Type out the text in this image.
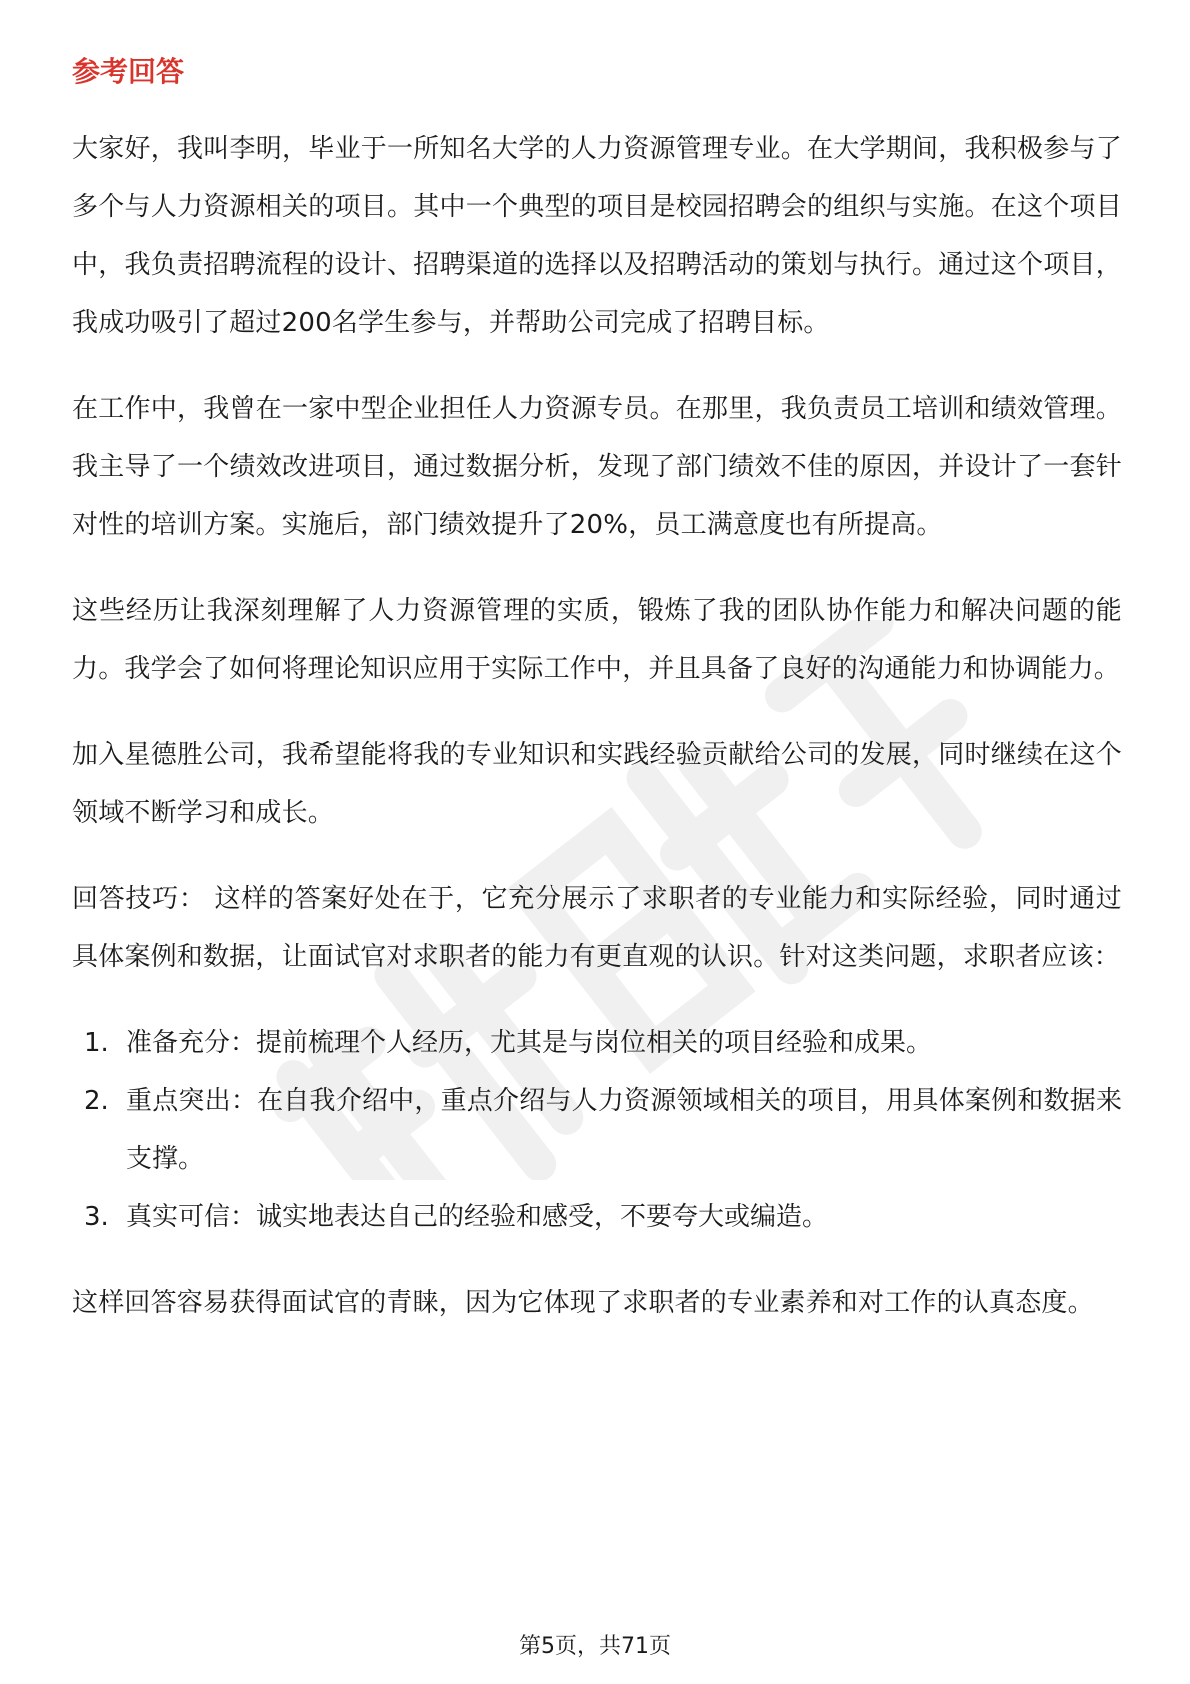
参考回答

大家好，我叫李明，毕业于一所知名大学的人力资源管理专业。在大学期间，我积极参与了多个与人力资源相关的项目。其中一个典型的项目是校园招聘会的组织与实施。在这个项目中，我负责招聘流程的设计、招聘渠道的选择以及招聘活动的策划与执行。通过这个项目，我成功吸引了超过200名学生参与，并帮助公司完成了招聘目标。

在工作中，我曾在一家中型企业担任人力资源专员。在那里，我负责员工培训和绩效管理。我主导了一个绩效改进项目，通过数据分析，发现了部门绩效不佳的原因，并设计了一套针对性的培训方案。实施后，部门绩效提升了20%，员工满意度也有所提高。

这些经历让我深刻理解了人力资源管理的实质，锻炼了我的团队协作能力和解决问题的能力。我学会了如何将理论知识应用于实际工作中，并且具备了良好的沟通能力和协调能力。

加入星德胜公司，我希望能将我的专业知识和实践经验贡献给公司的发展，同时继续在这个领域不断学习和成长。

回答技巧： 这样的答案好处在于，它充分展示了求职者的专业能力和实际经验，同时通过具体案例和数据，让面试官对求职者的能力有更直观的认识。针对这类问题，求职者应该：

1. 准备充分：提前梳理个人经历，尤其是与岗位相关的项目经验和成果。
2. 重点突出：在自我介绍中，重点介绍与人力资源领域相关的项目，用具体案例和数据来支撑。
3. 真实可信：诚实地表达自己的经验和感受，不要夸大或编造。

这样回答容易获得面试官的青睐，因为它体现了求职者的专业素养和对工作的认真态度。

第5页，共71页
